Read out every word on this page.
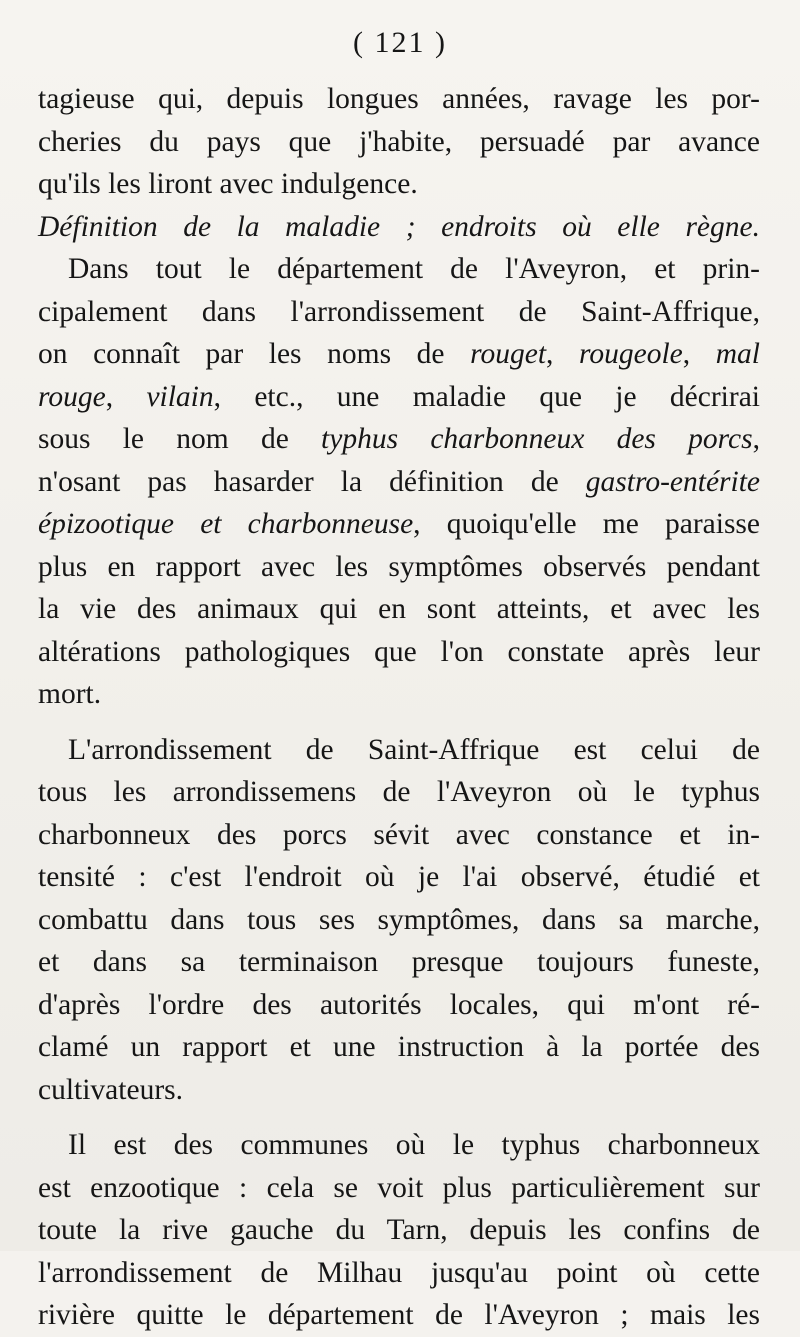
( 121 )
tagieuse qui, depuis longues années, ravage les por-
cheries du pays que j'habite, persuadé par avance
qu'ils les liront avec indulgence.
Définition de la maladie ; endroits où elle règne.
Dans tout le département de l'Aveyron, et prin-
cipalement dans l'arrondissement de Saint-Affrique,
on connaît par les noms de rouget, rougeole, mal
rouge, vilain, etc., une maladie que je décrirai
sous le nom de typhus charbonneux des porcs,
n'osant pas hasarder la définition de gastro-entérite
épizootique et charbonneuse, quoiqu'elle me paraisse
plus en rapport avec les symptômes observés pendant
la vie des animaux qui en sont atteints, et avec les
altérations pathologiques que l'on constate après leur
mort.
L'arrondissement de Saint-Affrique est celui de
tous les arrondissemens de l'Aveyron où le typhus
charbonneux des porcs sévit avec constance et in-
tensité : c'est l'endroit où je l'ai observé, étudié et
combattu dans tous ses symptômes, dans sa marche,
et dans sa terminaison presque toujours funeste,
d'après l'ordre des autorités locales, qui m'ont ré-
clamé un rapport et une instruction à la portée des
cultivateurs.
Il est des communes où le typhus charbonneux
est enzootique : cela se voit plus particulièrement sur
toute la rive gauche du Tarn, depuis les confins de
l'arrondissement de Milhau jusqu'au point où cette
rivière quitte le département de l'Aveyron ; mais les
